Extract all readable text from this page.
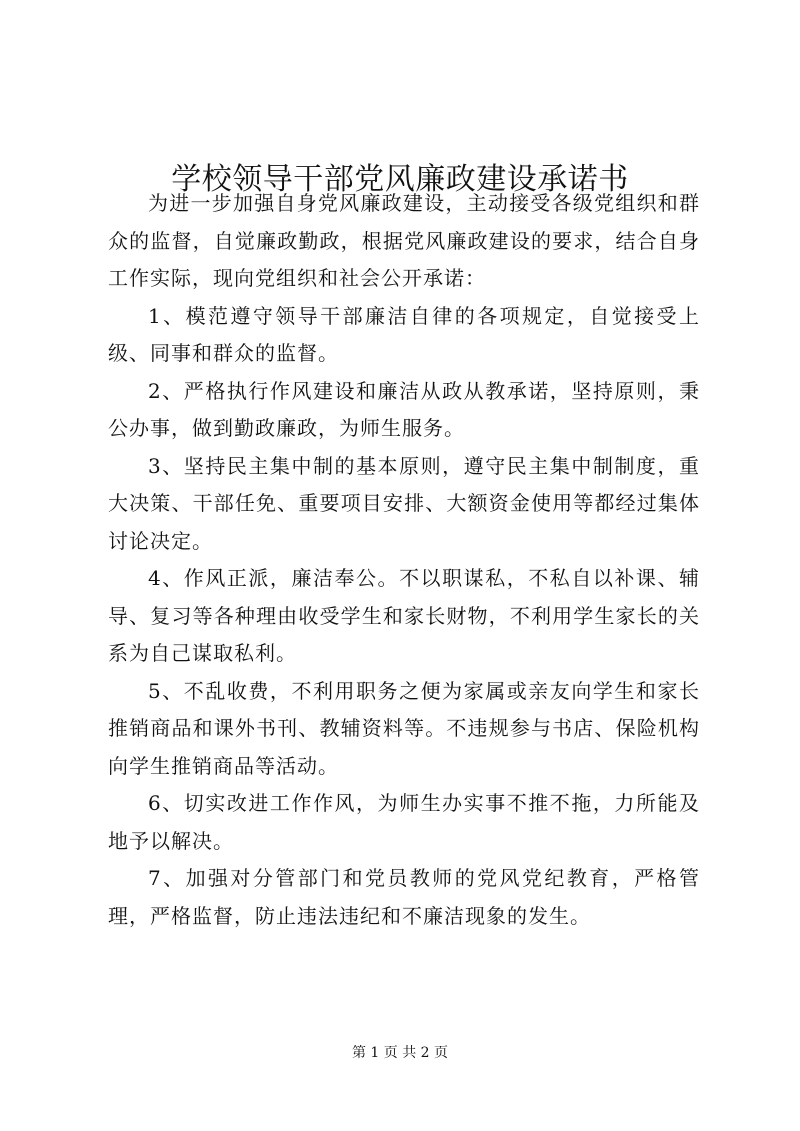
学校领导干部党风廉政建设承诺书

为进一步加强自身党风廉政建设，主动接受各级党组织和群众的监督，自觉廉政勤政，根据党风廉政建设的要求，结合自身工作实际，现向党组织和社会公开承诺：

1、模范遵守领导干部廉洁自律的各项规定，自觉接受上级、同事和群众的监督。

2、严格执行作风建设和廉洁从政从教承诺，坚持原则，秉公办事，做到勤政廉政，为师生服务。

3、坚持民主集中制的基本原则，遵守民主集中制制度，重大决策、干部任免、重要项目安排、大额资金使用等都经过集体讨论决定。

4、作风正派，廉洁奉公。不以职谋私，不私自以补课、辅导、复习等各种理由收受学生和家长财物，不利用学生家长的关系为自己谋取私利。

5、不乱收费，不利用职务之便为家属或亲友向学生和家长推销商品和课外书刊、教辅资料等。不违规参与书店、保险机构向学生推销商品等活动。

6、切实改进工作作风，为师生办实事不推不拖，力所能及地予以解决。

7、加强对分管部门和党员教师的党风党纪教育，严格管理，严格监督，防止违法违纪和不廉洁现象的发生。

第 1 页 共 2 页
